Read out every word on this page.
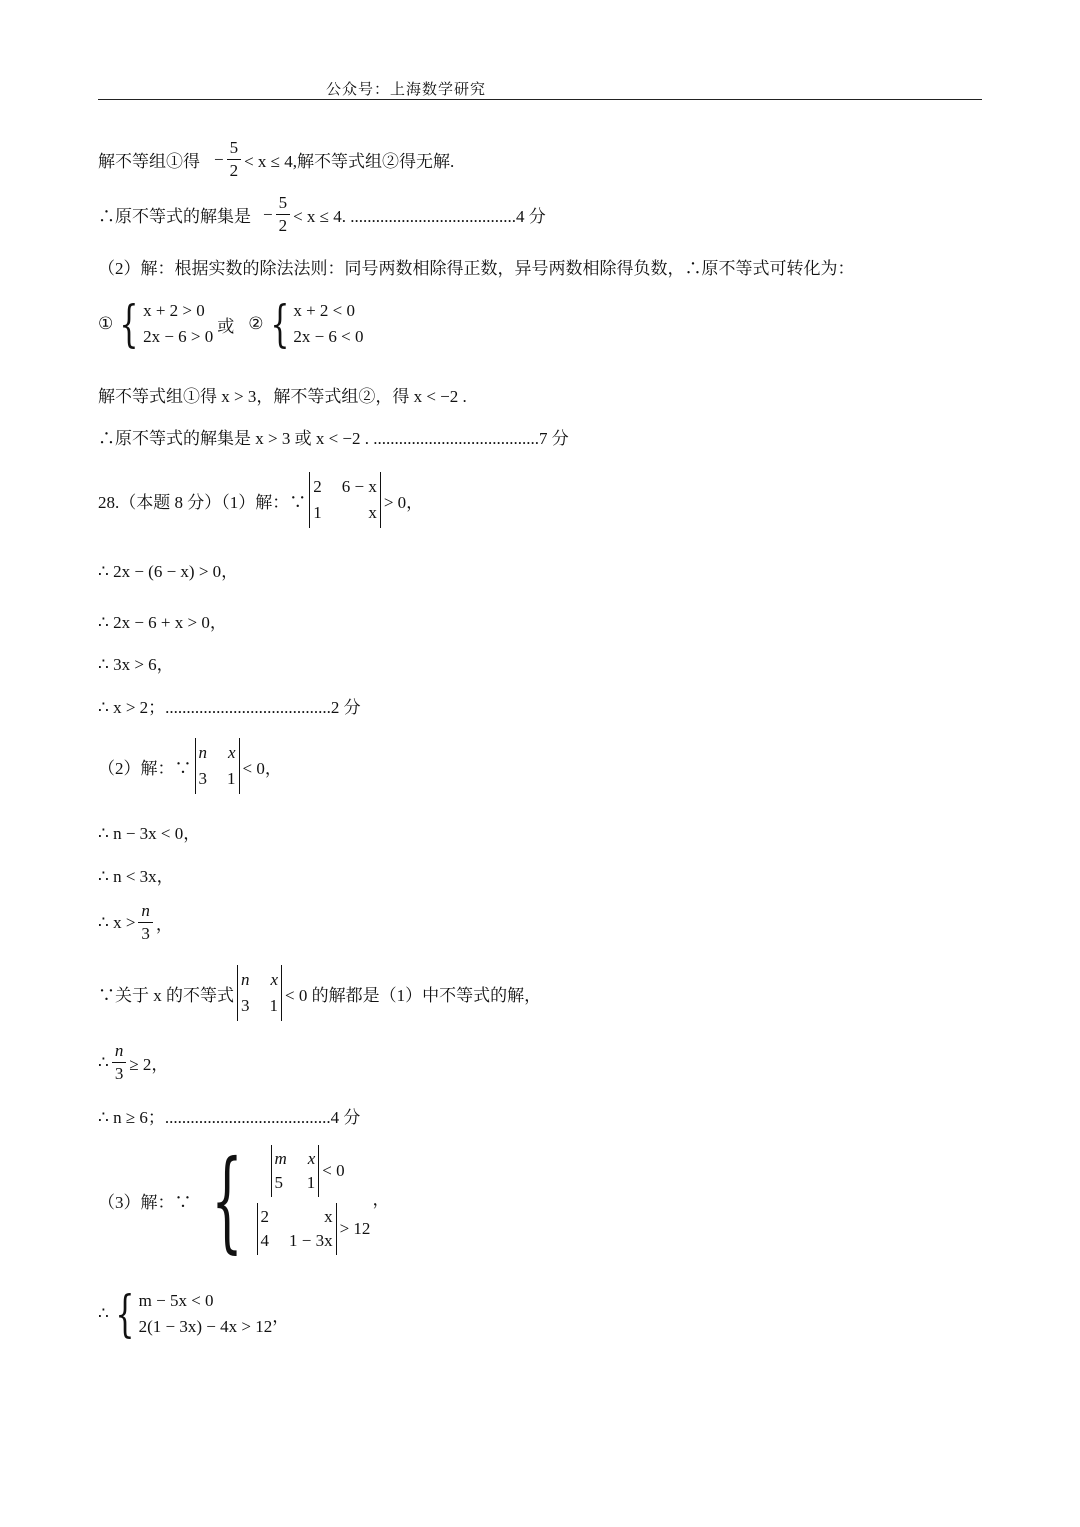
公众号：上海数学研究
解不等组①得 − $\frac{5}{2} < x \le 4$,解不等式组②得无解.
∴原不等式的解集是 − $\frac{5}{2} < x \le 4$. .......................................4 分
（2）解：根据实数的除法法则：同号两数相除得正数，异号两数相除得负数，∴原不等式可转化为：
① { x + 2 > 0
2x − 6 > 0
或 ② { x + 2 < 0
2x − 6 < 0
解不等式组①得 x > 3，解不等式组②，得 x < −2 .
∴原不等式的解集是 x > 3 或 x < −2 . .......................................7 分
28.（本题 8 分）（1）解：∵
2 6 − x
1	x
> 0，
∴ 2x − (6 − x) > 0，
∴ 2x − 6 + x > 0，
∴ 3x > 6，
∴ x > 2；.......................................2 分
（2）解：∵
n x
3 1
< 0，
∴ n − 3x < 0，
∴ n < 3x，
∴ $x > \frac{n}{3}$ ，
∵关于 x 的不等式
n x
3 1
< 0 的解都是（1）中不等式的解，
∴ $\frac{n}{3} \ge 2$，
∴ n ≥ 6；.......................................4 分
（3）解：∵ { m x
5 1
< 0
2	x
4 1 − 3x
> 12
，
∴ { m − 5x < 0
2(1 − 3x) − 4x > 12
，
